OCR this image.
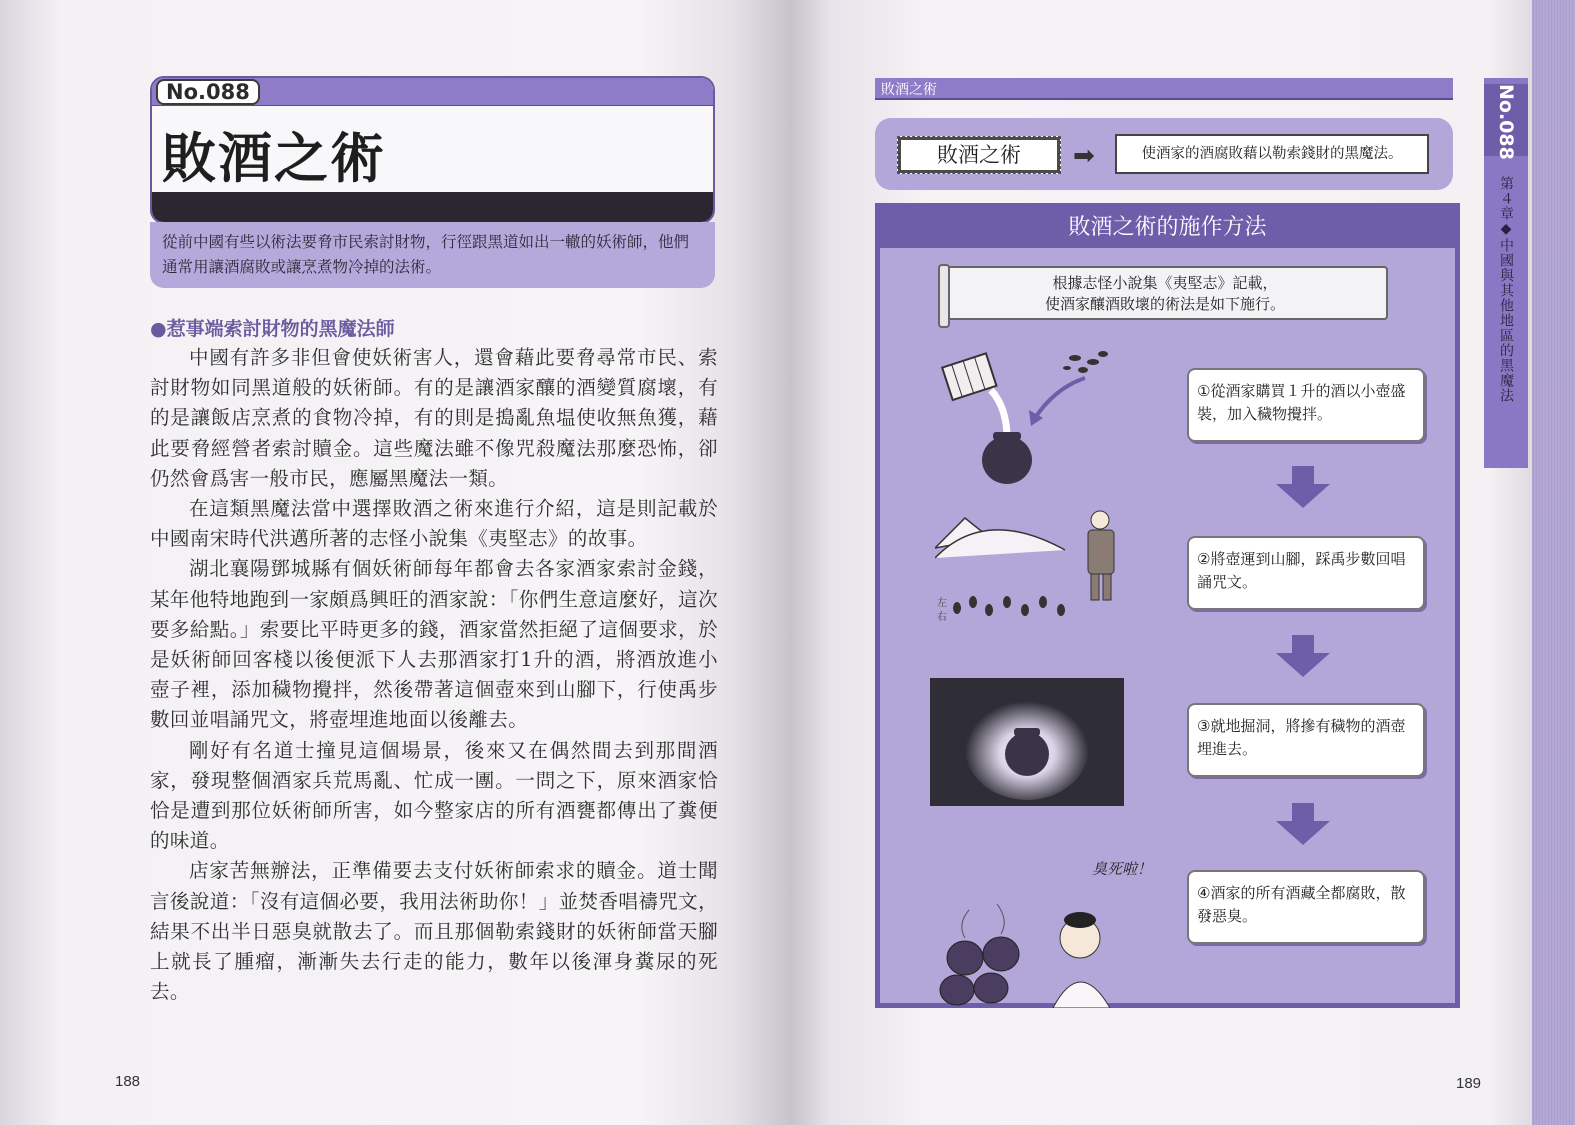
No.088
敗酒之術
從前中國有些以術法要脅市民索討財物，行徑跟黑道如出一轍的妖術師，他們通常用讓酒腐敗或讓烹煮物冷掉的法術。
●惹事端索討財物的黑魔法師

中國有許多非但會使妖術害人，還會藉此要脅尋常市民、索討財物如同黑道般的妖術師。有的是讓酒家釀的酒變質腐壞，有的是讓飯店烹煮的食物冷掉，有的則是搗亂魚塭使收無魚獲，藉此要脅經營者索討贖金。這些魔法雖不像咒殺魔法那麼恐怖，卻仍然會爲害一般市民，應屬黑魔法一類。

在這類黑魔法當中選擇敗酒之術來進行介紹，這是則記載於中國南宋時代洪邁所著的志怪小說集《夷堅志》的故事。

湖北襄陽鄧城縣有個妖術師每年都會去各家酒家索討金錢，某年他特地跑到一家頗爲興旺的酒家說：「你們生意這麼好，這次要多給點。」索要比平時更多的錢，酒家當然拒絕了這個要求，於是妖術師回客棧以後便派下人去那酒家打1升的酒，將酒放進小壺子裡，添加穢物攪拌，然後帶著這個壺來到山腳下，行使禹步數回並唱誦咒文，將壺埋進地面以後離去。

剛好有名道士撞見這個場景，後來又在偶然間去到那間酒家，發現整個酒家兵荒馬亂、忙成一團。一問之下，原來酒家恰恰是遭到那位妖術師所害，如今整家店的所有酒甕都傳出了糞便的味道。

店家苦無辦法，正準備要去支付妖術師索求的贖金。道士聞言後說道：「沒有這個必要，我用法術助你！」並焚香唱禱咒文，結果不出半日惡臭就散去了。而且那個勒索錢財的妖術師當天腳上就長了腫瘤，漸漸失去行走的能力，數年以後渾身糞尿的死去。

188
敗酒之術
敗酒之術	➡	使酒家的酒腐敗藉以勒索錢財的黑魔法。
敗酒之術的施作方法
根據志怪小說集《夷堅志》記載，
使酒家釀酒敗壞的術法是如下施行。
左
右
臭死啦！
①從酒家購買１升的酒以小壺盛裝，加入穢物攪拌。
②將壺運到山腳，踩禹步數回唱誦咒文。
③就地掘洞，將摻有穢物的酒壺埋進去。
④酒家的所有酒藏全都腐敗，散發惡臭。
No.088
第４章◆中國與其他地區的黑魔法
189
